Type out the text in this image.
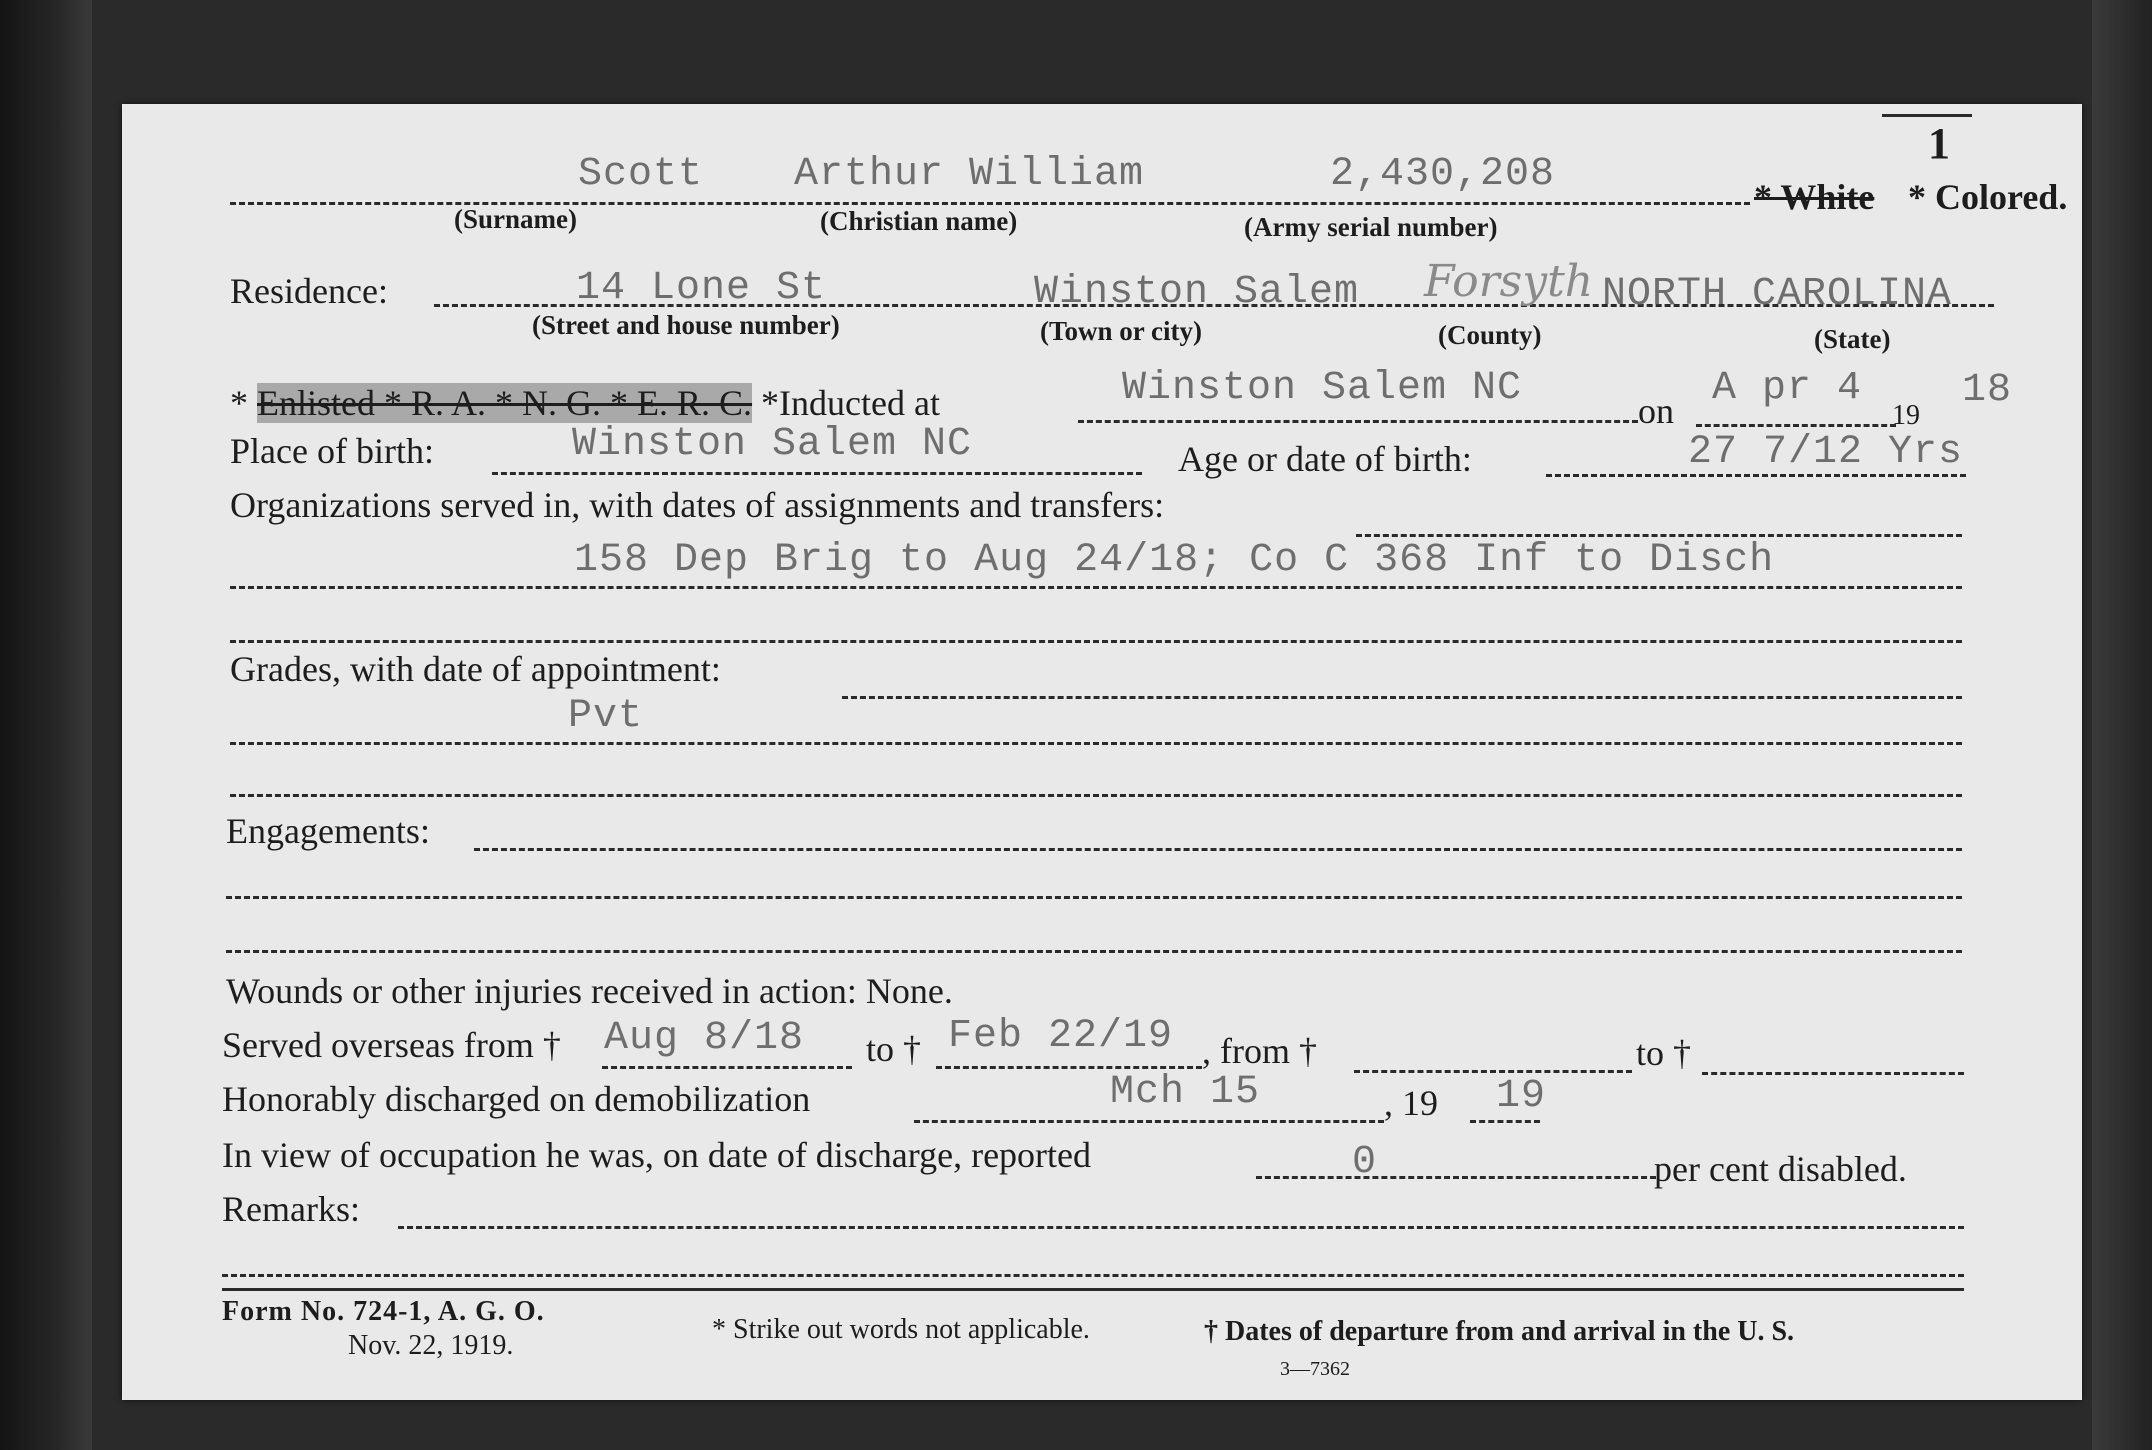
1
Scott Arthur William	2,430,208	* White * Colored.
(Surname)	(Christian name)	(Army serial number)
Residence:	14 Lone St	Winston Salem Forsyth NORTH CAROLINA
(Street and house number)	(Town or city)	(County)	(State)
* Enlisted * R. A. * N. G. * E. R. C. *Inducted at	Winston Salem NC	on A pr 4
19
18
Place of birth:	Winston Salem NC	Age or date of birth:	27 7/12 Yrs
Organizations served in, with dates of assignments and transfers:
158 Dep Brig to Aug 24/18; Co C 368 Inf to Disch
Grades, with date of appointment:
Pvt
Engagements:
Wounds or other injuries received in action: None.
Served overseas from † Aug 8/18 to † Feb 22/19 , from †	to †
Honorably discharged on demobilization	Mch 15	, 19 19
In view of occupation he was, on date of discharge, reported	0	per cent disabled.
Remarks:
Form No. 724-1, A. G. O.
Nov. 22, 1919.
* Strike out words not applicable.	† Dates of departure from and arrival in the U. S.
3—7362
